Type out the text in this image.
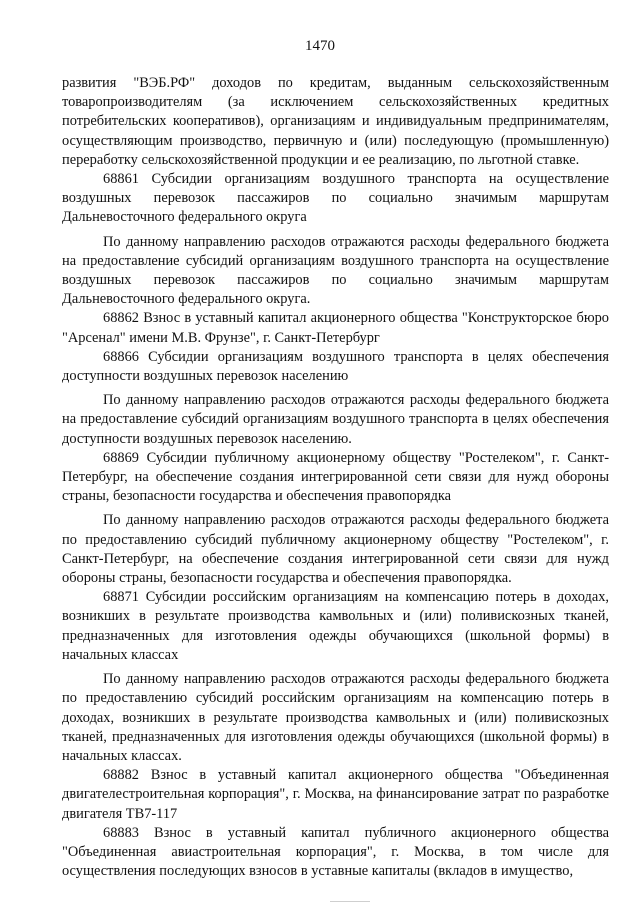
1470

развития "ВЭБ.РФ" доходов по кредитам, выданным сельскохозяйственным товаропроизводителям (за исключением сельскохозяйственных кредитных потребительских кооперативов), организациям и индивидуальным предпринимателям, осуществляющим производство, первичную и (или) последующую (промышленную) переработку сельскохозяйственной продукции и ее реализацию, по льготной ставке.

68861 Субсидии организациям воздушного транспорта на осуществление воздушных перевозок пассажиров по социально значимым маршрутам Дальневосточного федерального округа

По данному направлению расходов отражаются расходы федерального бюджета на предоставление субсидий организациям воздушного транспорта на осуществление воздушных перевозок пассажиров по социально значимым маршрутам Дальневосточного федерального округа.

68862 Взнос в уставный капитал акционерного общества "Конструкторское бюро "Арсенал" имени М.В. Фрунзе", г. Санкт-Петербург

68866 Субсидии организациям воздушного транспорта в целях обеспечения доступности воздушных перевозок населению

По данному направлению расходов отражаются расходы федерального бюджета на предоставление субсидий организациям воздушного транспорта в целях обеспечения доступности воздушных перевозок населению.

68869 Субсидии публичному акционерному обществу "Ростелеком", г. Санкт-Петербург, на обеспечение создания интегрированной сети связи для нужд обороны страны, безопасности государства и обеспечения правопорядка

По данному направлению расходов отражаются расходы федерального бюджета по предоставлению субсидий публичному акционерному обществу "Ростелеком", г. Санкт-Петербург, на обеспечение создания интегрированной сети связи для нужд обороны страны, безопасности государства и обеспечения правопорядка.

68871 Субсидии российским организациям на компенсацию потерь в доходах, возникших в результате производства камвольных и (или) поливискозных тканей, предназначенных для изготовления одежды обучающихся (школьной формы) в начальных классах

По данному направлению расходов отражаются расходы федерального бюджета по предоставлению субсидий российским организациям на компенсацию потерь в доходах, возникших в результате производства камвольных и (или) поливискозных тканей, предназначенных для изготовления одежды обучающихся (школьной формы) в начальных классах.

68882 Взнос в уставный капитал акционерного общества "Объединенная двигателестроительная корпорация", г. Москва, на финансирование затрат по разработке двигателя ТВ7-117

68883 Взнос в уставный капитал публичного акционерного общества "Объединенная авиастроительная корпорация", г. Москва, в том числе для осуществления последующих взносов в уставные капиталы (вкладов в имущество,
